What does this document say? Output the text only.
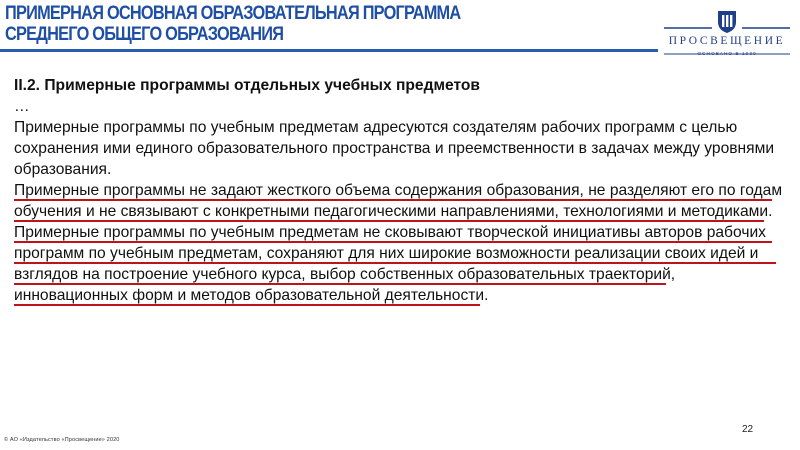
ПРИМЕРНАЯ ОСНОВНАЯ ОБРАЗОВАТЕЛЬНАЯ ПРОГРАММА
СРЕДНЕГО ОБЩЕГО ОБРАЗОВАНИЯ	ПРОСВЕЩЕНИЕ
ОСНОВАНО В 1930

II.2. Примерные программы отдельных учебных предметов

…

Примерные программы по учебным предметам адресуются создателям рабочих программ с целью сохранения ими единого образовательного пространства и преемственности в задачах между уровнями образования.

Примерные программы не задают жесткого объема содержания образования, не разделяют его по годам обучения и не связывают с конкретными педагогическими направлениями, технологиями и методиками.

Примерные программы по учебным предметам не сковывают творческой инициативы авторов рабочих программ по учебным предметам, сохраняют для них широкие возможности реализации своих идей и взглядов на построение учебного курса, выбор собственных образовательных траекторий, инновационных форм и методов образовательной деятельности.

22
© АО «Издательство «Просвещение» 2020
